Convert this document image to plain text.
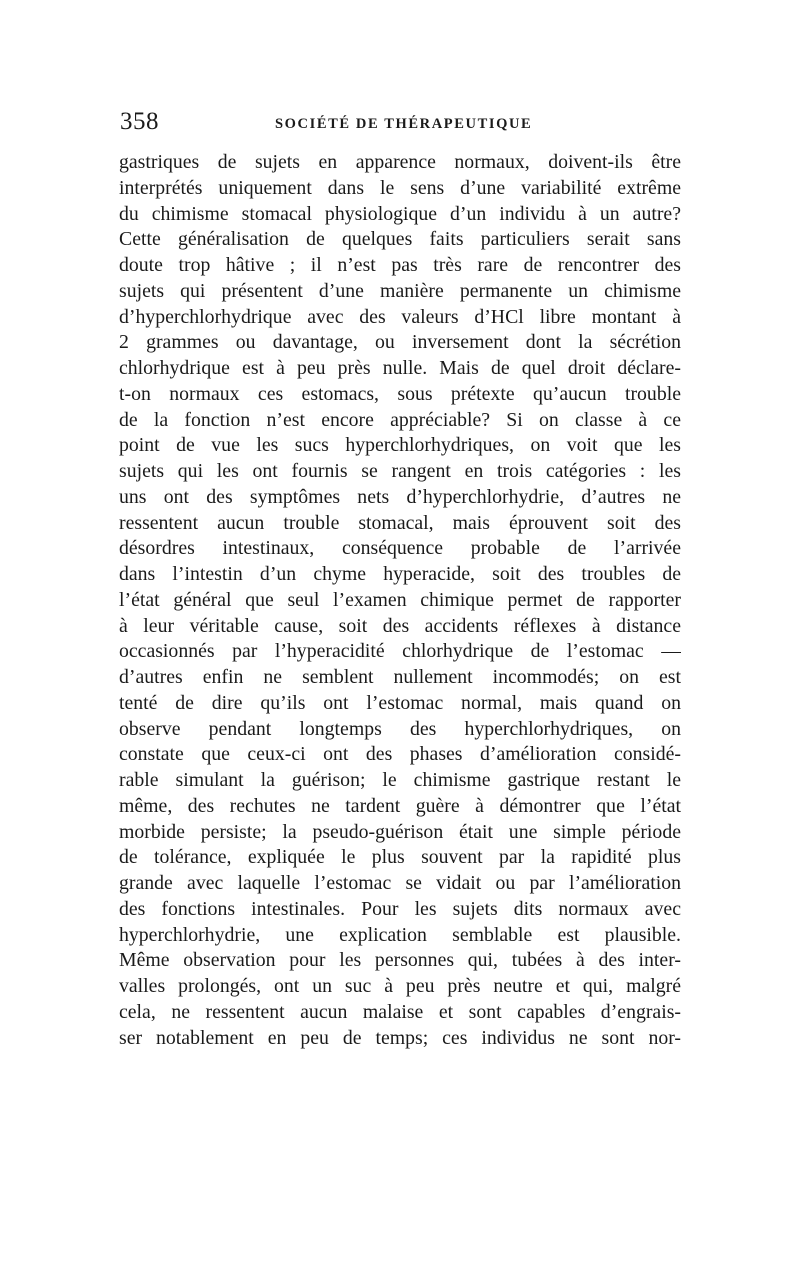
358	SOCIÉTÉ DE THÉRAPEUTIQUE
gastriques de sujets en apparence normaux, doivent-ils être
interprétés uniquement dans le sens d’une variabilité extrême
du chimisme stomacal physiologique d’un individu à un autre?
Cette généralisation de quelques faits particuliers serait sans
doute trop hâtive ; il n’est pas très rare de rencontrer des
sujets qui présentent d’une manière permanente un chimisme
d’hyperchlorhydrique avec des valeurs d’HCl libre montant à
2 grammes ou davantage, ou inversement dont la sécrétion
chlorhydrique est à peu près nulle. Mais de quel droit déclare-
t-on normaux ces estomacs, sous prétexte qu’aucun trouble
de la fonction n’est encore appréciable? Si on classe à ce
point de vue les sucs hyperchlorhydriques, on voit que les
sujets qui les ont fournis se rangent en trois catégories : les
uns ont des symptômes nets d’hyperchlorhydrie, d’autres ne
ressentent aucun trouble stomacal, mais éprouvent soit des
désordres intestinaux, conséquence probable de l’arrivée
dans l’intestin d’un chyme hyperacide, soit des troubles de
l’état général que seul l’examen chimique permet de rapporter
à leur véritable cause, soit des accidents réflexes à distance
occasionnés par l’hyperacidité chlorhydrique de l’estomac —
d’autres enfin ne semblent nullement incommodés; on est
tenté de dire qu’ils ont l’estomac normal, mais quand on
observe pendant longtemps des hyperchlorhydriques, on
constate que ceux-ci ont des phases d’amélioration considé-
rable simulant la guérison; le chimisme gastrique restant le
même, des rechutes ne tardent guère à démontrer que l’état
morbide persiste; la pseudo-guérison était une simple période
de tolérance, expliquée le plus souvent par la rapidité plus
grande avec laquelle l’estomac se vidait ou par l’amélioration
des fonctions intestinales. Pour les sujets dits normaux avec
hyperchlorhydrie, une explication semblable est plausible.
Même observation pour les personnes qui, tubées à des inter-
valles prolongés, ont un suc à peu près neutre et qui, malgré
cela, ne ressentent aucun malaise et sont capables d’engrais-
ser notablement en peu de temps; ces individus ne sont nor-
